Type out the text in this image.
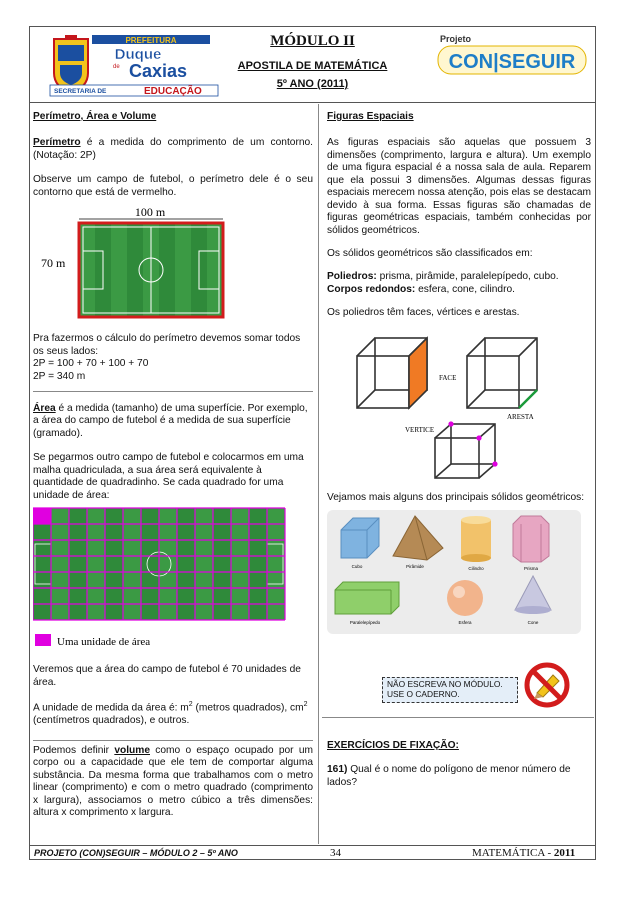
PREFEITURA
Duque
de Caxias
SECRETARIA DE	EDUCAÇÃO
MÓDULO II
APOSTILA DE MATEMÁTICA
5º ANO (2011)
Projeto
CON|SEGUIR

Perímetro, Área e Volume

Perímetro é a medida do comprimento de um contorno. (Notação: 2P)

Observe um campo de futebol, o perímetro dele é o seu contorno que está de vermelho.

100 m
70 m

Pra fazermos o cálculo do perímetro devemos somar todos os seus lados:

2P = 100 + 70 + 100 + 70

2P = 340 m

Área é a medida (tamanho) de uma superfície. Por exemplo, a área do campo de futebol é a medida de sua superfície (gramado).

Se pegarmos outro campo de futebol e colocarmos em uma malha quadriculada, a sua área será equivalente à quantidade de quadradinho. Se cada quadrado for uma unidade de área:

Uma unidade de área

Veremos que a área do campo de futebol é 70 unidades de área.

A unidade de medida da área é: $m^2$ (metros quadrados), $cm^2$ (centímetros quadrados), e outros.

Podemos definir volume como o espaço ocupado por um corpo ou a capacidade que ele tem de comportar alguma substância. Da mesma forma que trabalhamos com o metro linear (comprimento) e com o metro quadrado (comprimento x largura), associamos o metro cúbico a três dimensões: altura x comprimento x largura.

Figuras Espaciais

As figuras espaciais são aquelas que possuem 3 dimensões (comprimento, largura e altura). Um exemplo de uma figura espacial é a nossa sala de aula. Reparem que ela possui 3 dimensões. Algumas dessas figuras espaciais merecem nossa atenção, pois elas se destacam devido à sua forma. Essas figuras são chamadas de figuras geométricas espaciais, também conhecidas por sólidos geométricos.

Os sólidos geométricos são classificados em:

Poliedros: prisma, pirâmide, paralelepípedo, cubo.

Corpos redondos: esfera, cone, cilindro.

Os poliedros têm faces, vértices e arestas.

FACE
ARESTA
VERTICE

Vejamos mais alguns dos principais sólidos geométricos:

Cubo	Pirâmide	Cilindro	Prisma
Paralelepípedo	Esfera	Cone
NÃO ESCREVA NO MÓDULO.
USE O CADERNO.

EXERCÍCIOS DE FIXAÇÃO:

161) Qual é o nome do polígono de menor número de lados?

PROJETO (CON)SEGUIR – MÓDULO 2 – 5º ANO	34	MATEMÁTICA - 2011
